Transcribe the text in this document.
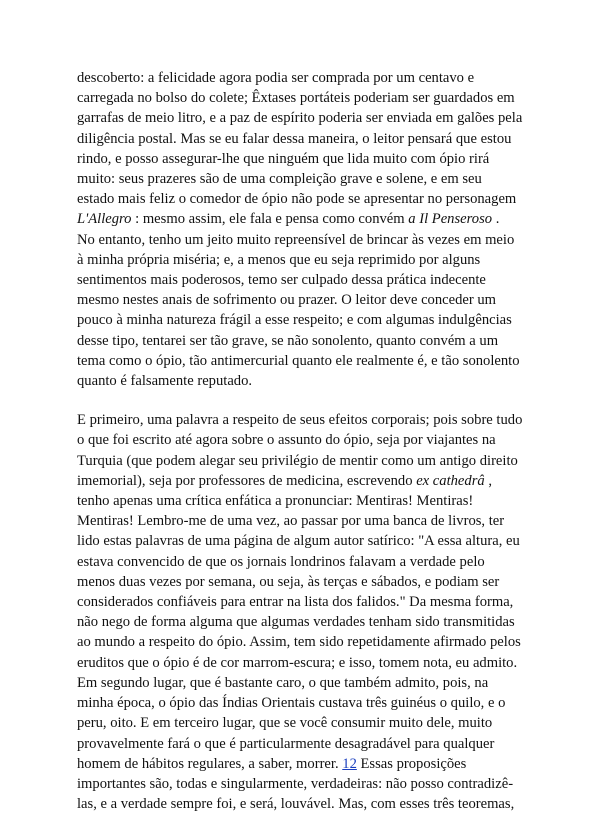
descoberto: a felicidade agora podia ser comprada por um centavo e
carregada no bolso do colete; Êxtases portáteis poderiam ser guardados em
garrafas de meio litro, e a paz de espírito poderia ser enviada em galões pela
diligência postal. Mas se eu falar dessa maneira, o leitor pensará que estou
rindo, e posso assegurar-lhe que ninguém que lida muito com ópio rirá
muito: seus prazeres são de uma compleição grave e solene, e em seu
estado mais feliz o comedor de ópio não pode se apresentar no personagem
L'Allegro : mesmo assim, ele fala e pensa como convém a Il Penseroso .
No entanto, tenho um jeito muito repreensível de brincar às vezes em meio
à minha própria miséria; e, a menos que eu seja reprimido por alguns
sentimentos mais poderosos, temo ser culpado dessa prática indecente
mesmo nestes anais de sofrimento ou prazer. O leitor deve conceder um
pouco à minha natureza frágil a esse respeito; e com algumas indulgências
desse tipo, tentarei ser tão grave, se não sonolento, quanto convém a um
tema como o ópio, tão antimercurial quanto ele realmente é, e tão sonolento
quanto é falsamente reputado.
E primeiro, uma palavra a respeito de seus efeitos corporais; pois sobre tudo
o que foi escrito até agora sobre o assunto do ópio, seja por viajantes na
Turquia (que podem alegar seu privilégio de mentir como um antigo direito
imemorial), seja por professores de medicina, escrevendo ex cathedrâ ,
tenho apenas uma crítica enfática a pronunciar: Mentiras! Mentiras!
Mentiras! Lembro-me de uma vez, ao passar por uma banca de livros, ter
lido estas palavras de uma página de algum autor satírico: "A essa altura, eu
estava convencido de que os jornais londrinos falavam a verdade pelo
menos duas vezes por semana, ou seja, às terças e sábados, e podiam ser
considerados confiáveis para entrar na lista dos falidos." Da mesma forma,
não nego de forma alguma que algumas verdades tenham sido transmitidas
ao mundo a respeito do ópio. Assim, tem sido repetidamente afirmado pelos
eruditos que o ópio é de cor marrom-escura; e isso, tomem nota, eu admito.
Em segundo lugar, que é bastante caro, o que também admito, pois, na
minha época, o ópio das Índias Orientais custava três guinéus o quilo, e o
peru, oito. E em terceiro lugar, que se você consumir muito dele, muito
provavelmente fará o que é particularmente desagradável para qualquer
homem de hábitos regulares, a saber, morrer. 12 Essas proposições
importantes são, todas e singularmente, verdadeiras: não posso contradizê-
las, e a verdade sempre foi, e será, louvável. Mas, com esses três teoremas,
